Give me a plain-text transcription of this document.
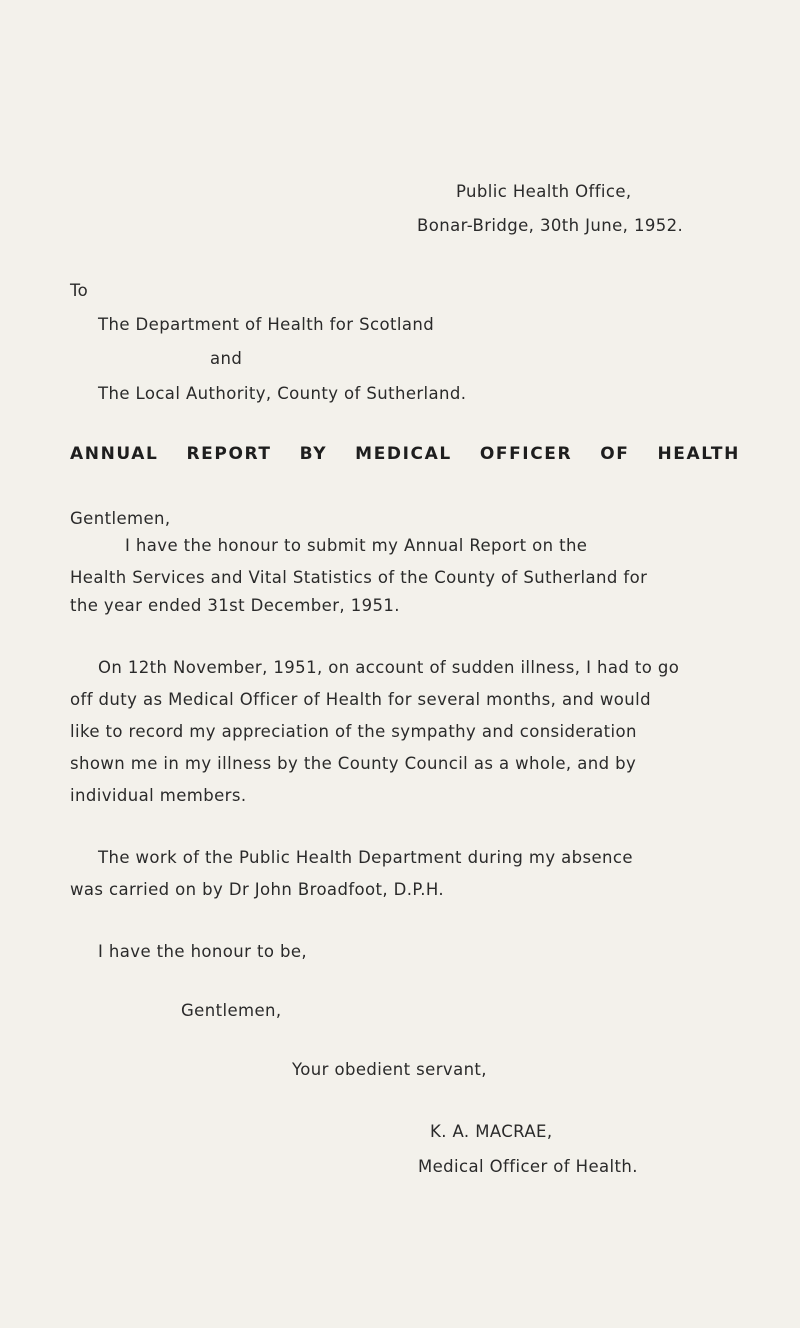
Public Health Office,
Bonar-Bridge, 30th June, 1952.
To
The Department of Health for Scotland
and
The Local Authority, County of Sutherland.
ANNUAL REPORT BY MEDICAL OFFICER OF HEALTH
Gentlemen,
I have the honour to submit my Annual Report on the
Health Services and Vital Statistics of the County of Sutherland for
the year ended 31st December, 1951.
On 12th November, 1951, on account of sudden illness, I had to go
off duty as Medical Officer of Health for several months, and would
like to record my appreciation of the sympathy and consideration
shown me in my illness by the County Council as a whole, and by
individual members.
The work of the Public Health Department during my absence
was carried on by Dr John Broadfoot, D.P.H.
I have the honour to be,
Gentlemen,
Your obedient servant,
K. A. MACRAE,
Medical Officer of Health.
